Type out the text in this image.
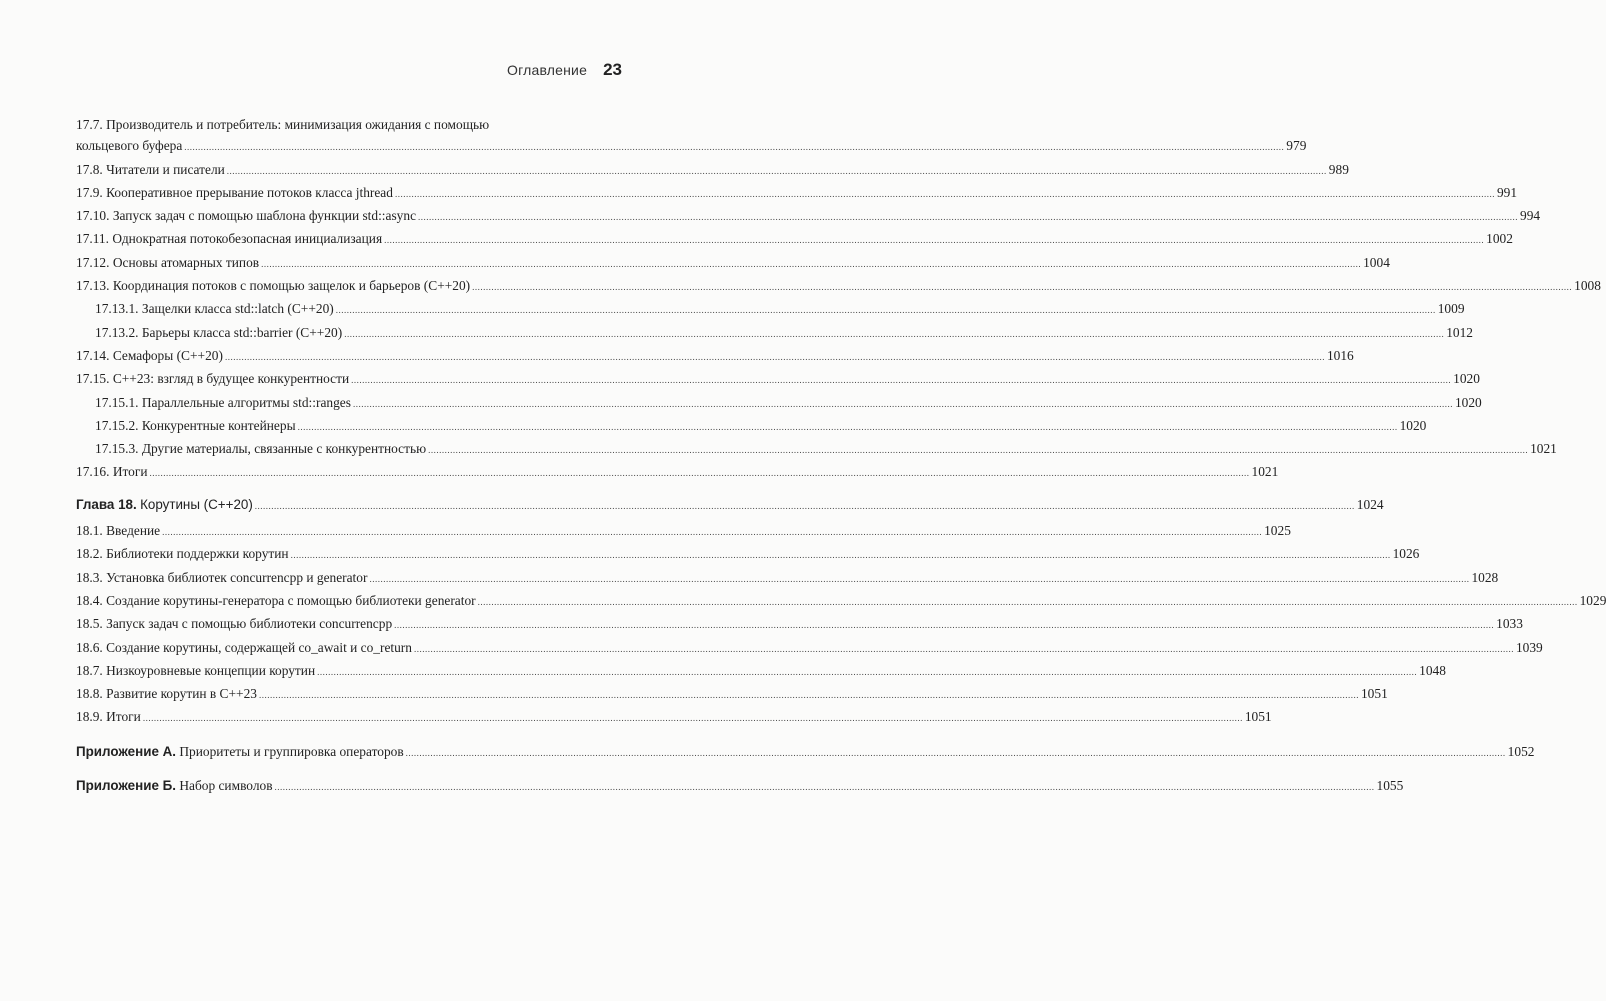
Оглавление 23
17.7. Производитель и потребитель: минимизация ожидания с помощью
кольцевого буфера ................................................................................................................................................................................................................................................................................................................................................................................................................ 979
17.8. Читатели и писатели ................................................................................................................................................................................................................................................................................................................................................................................................................ 989
17.9. Кооперативное прерывание потоков класса jthread ................................................................................................................................................................................................................................................................................................................................................................................................................ 991
17.10. Запуск задач с помощью шаблона функции std::async ................................................................................................................................................................................................................................................................................................................................................................................................................ 994
17.11. Однократная потокобезопасная инициализация ................................................................................................................................................................................................................................................................................................................................................................................................................ 1002
17.12. Основы атомарных типов ................................................................................................................................................................................................................................................................................................................................................................................................................ 1004
17.13. Координация потоков с помощью защелок и барьеров (C++20) ................................................................................................................................................................................................................................................................................................................................................................................................................ 1008
17.13.1. Защелки класса std::latch (C++20) ................................................................................................................................................................................................................................................................................................................................................................................................................ 1009
17.13.2. Барьеры класса std::barrier (C++20) ................................................................................................................................................................................................................................................................................................................................................................................................................ 1012
17.14. Семафоры (C++20) ................................................................................................................................................................................................................................................................................................................................................................................................................ 1016
17.15. C++23: взгляд в будущее конкурентности ................................................................................................................................................................................................................................................................................................................................................................................................................ 1020
17.15.1. Параллельные алгоритмы std::ranges ................................................................................................................................................................................................................................................................................................................................................................................................................ 1020
17.15.2. Конкурентные контейнеры ................................................................................................................................................................................................................................................................................................................................................................................................................ 1020
17.15.3. Другие материалы, связанные с конкурентностью ................................................................................................................................................................................................................................................................................................................................................................................................................ 1021
17.16. Итоги ................................................................................................................................................................................................................................................................................................................................................................................................................ 1021
Глава 18. Корутины (C++20) ................................................................................................................................................................................................................................................................................................................................................................................................................ 1024
18.1. Введение ................................................................................................................................................................................................................................................................................................................................................................................................................ 1025
18.2. Библиотеки поддержки корутин ................................................................................................................................................................................................................................................................................................................................................................................................................ 1026
18.3. Установка библиотек concurrencpp и generator ................................................................................................................................................................................................................................................................................................................................................................................................................ 1028
18.4. Создание корутины-генератора с помощью библиотеки generator ................................................................................................................................................................................................................................................................................................................................................................................................................ 1029
18.5. Запуск задач с помощью библиотеки concurrencpp ................................................................................................................................................................................................................................................................................................................................................................................................................ 1033
18.6. Создание корутины, содержащей co_await и co_return ................................................................................................................................................................................................................................................................................................................................................................................................................ 1039
18.7. Низкоуровневые концепции корутин ................................................................................................................................................................................................................................................................................................................................................................................................................ 1048
18.8. Развитие корутин в C++23 ................................................................................................................................................................................................................................................................................................................................................................................................................ 1051
18.9. Итоги ................................................................................................................................................................................................................................................................................................................................................................................................................ 1051
Приложение А. Приоритеты и группировка операторов ................................................................................................................................................................................................................................................................................................................................................................................................................ 1052
Приложение Б. Набор символов ................................................................................................................................................................................................................................................................................................................................................................................................................ 1055
